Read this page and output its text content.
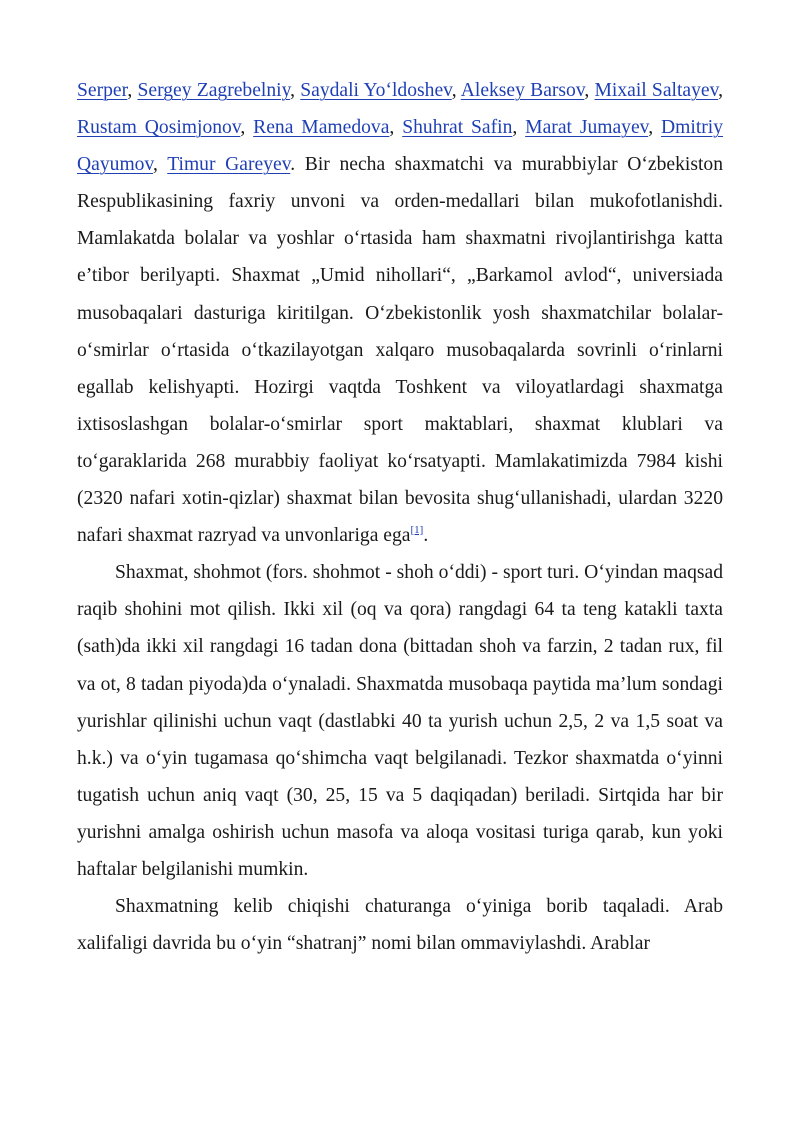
Serper, Sergey Zagrebelniy, Saydali Yo‘ldoshev, Aleksey Barsov, Mixail Saltayev, Rustam Qosimjonov, Rena Mamedova, Shuhrat Safin, Marat Jumayev, Dmitriy Qayumov, Timur Gareyev. Bir necha shaxmatchi va murabbiylar O‘zbekiston Respublikasining faxriy unvoni va orden-medallari bilan mukofotlanishdi. Mamlakatda bolalar va yoshlar o‘rtasida ham shaxmatni rivojlantirishga katta e’tibor berilyapti. Shaxmat „Umid nihollari“, „Barkamol avlod“, universiada musobaqalari dasturiga kiritilgan. O‘zbekistonlik yosh shaxmatchilar bolalar-o‘smirlar o‘rtasida o‘tkazilayotgan xalqaro musobaqalarda sovrinli o‘rinlarni egallab kelishyapti. Hozirgi vaqtda Toshkent va viloyatlardagi shaxmatga ixtisoslashgan bolalar-o‘smirlar sport maktablari, shaxmat klublari va to‘garaklarida 268 murabbiy faoliyat ko‘rsatyapti. Mamlakatimizda 7984 kishi (2320 nafari xotin-qizlar) shaxmat bilan bevosita shug‘ullanishadi, ulardan 3220 nafari shaxmat razryad va unvonlariga ega[1].

Shaxmat, shohmot (fors. shohmot - shoh o‘ddi) - sport turi. O‘yindan maqsad raqib shohini mot qilish. Ikki xil (oq va qora) rangdagi 64 ta teng katakli taxta (sath)da ikki xil rangdagi 16 tadan dona (bittadan shoh va farzin, 2 tadan rux, fil va ot, 8 tadan piyoda)da o‘ynaladi. Shaxmatda musobaqa paytida ma’lum sondagi yurishlar qilinishi uchun vaqt (dastlabki 40 ta yurish uchun 2,5, 2 va 1,5 soat va h.k.) va o‘yin tugamasa qo‘shimcha vaqt belgilanadi. Tezkor shaxmatda o‘yinni tugatish uchun aniq vaqt (30, 25, 15 va 5 daqiqadan) beriladi. Sirtqida har bir yurishni amalga oshirish uchun masofa va aloqa vositasi turiga qarab, kun yoki haftalar belgilanishi mumkin.

Shaxmatning kelib chiqishi chaturanga o‘yiniga borib taqaladi. Arab xalifaligi davrida bu o‘yin “shatranj” nomi bilan ommaviylashdi. Arablar
